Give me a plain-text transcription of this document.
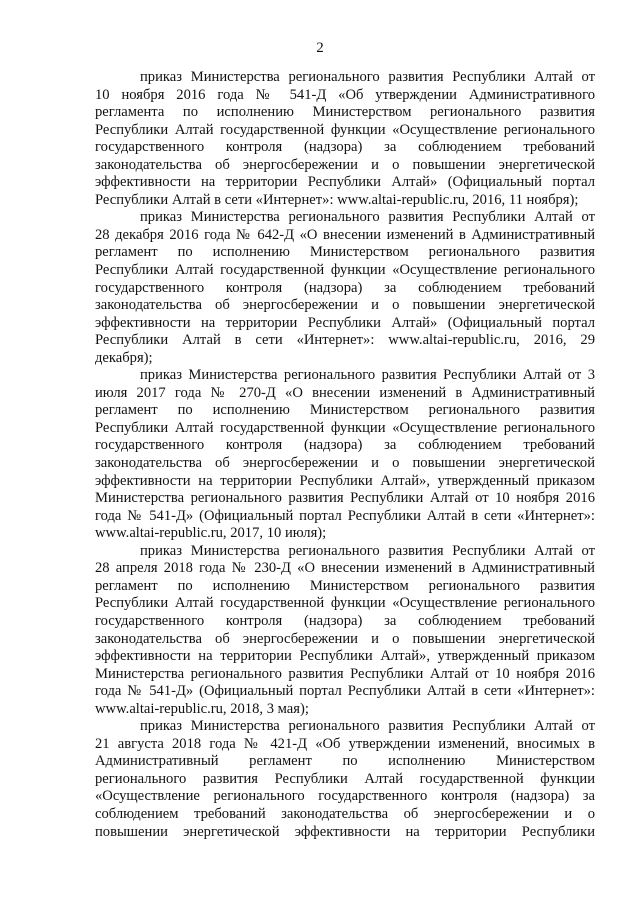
2
приказ Министерства регионального развития Республики Алтай от
10 ноября 2016 года № 541-Д «Об утверждении Административного
регламента по исполнению Министерством регионального развития
Республики Алтай государственной функции «Осуществление регионального
государственного контроля (надзора) за соблюдением требований
законодательства об энергосбережении и о повышении энергетической
эффективности на территории Республики Алтай» (Официальный портал
Республики Алтай в сети «Интернет»: www.altai-republic.ru, 2016, 11 ноября);
приказ Министерства регионального развития Республики Алтай от
28 декабря 2016 года № 642-Д «О внесении изменений в Административный
регламент по исполнению Министерством регионального развития
Республики Алтай государственной функции «Осуществление регионального
государственного контроля (надзора) за соблюдением требований
законодательства об энергосбережении и о повышении энергетической
эффективности на территории Республики Алтай» (Официальный портал
Республики Алтай в сети «Интернет»: www.altai-republic.ru, 2016, 29
декабря);
приказ Министерства регионального развития Республики Алтай от 3
июля 2017 года № 270-Д «О внесении изменений в Административный
регламент по исполнению Министерством регионального развития
Республики Алтай государственной функции «Осуществление регионального
государственного контроля (надзора) за соблюдением требований
законодательства об энергосбережении и о повышении энергетической
эффективности на территории Республики Алтай», утвержденный приказом
Министерства регионального развития Республики Алтай от 10 ноября 2016
года № 541-Д» (Официальный портал Республики Алтай в сети «Интернет»:
www.altai-republic.ru, 2017, 10 июля);
приказ Министерства регионального развития Республики Алтай от
28 апреля 2018 года № 230-Д «О внесении изменений в Административный
регламент по исполнению Министерством регионального развития
Республики Алтай государственной функции «Осуществление регионального
государственного контроля (надзора) за соблюдением требований
законодательства об энергосбережении и о повышении энергетической
эффективности на территории Республики Алтай», утвержденный приказом
Министерства регионального развития Республики Алтай от 10 ноября 2016
года № 541-Д» (Официальный портал Республики Алтай в сети «Интернет»:
www.altai-republic.ru, 2018, 3 мая);
приказ Министерства регионального развития Республики Алтай от
21 августа 2018 года № 421-Д «Об утверждении изменений, вносимых в
Административный регламент по исполнению Министерством
регионального развития Республики Алтай государственной функции
«Осуществление регионального государственного контроля (надзора) за
соблюдением требований законодательства об энергосбережении и о
повышении энергетической эффективности на территории Республики
